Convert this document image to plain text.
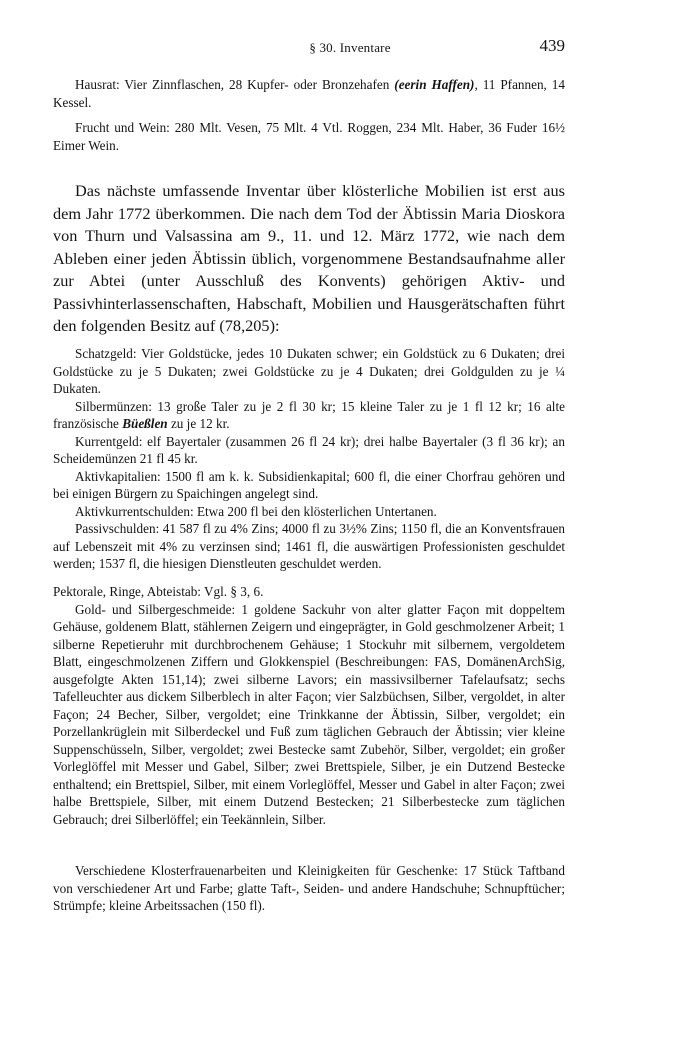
§ 30. Inventare	439

Hausrat: Vier Zinnflaschen, 28 Kupfer- oder Bronzehafen (eerin Haffen), 11 Pfannen, 14 Kessel.

Frucht und Wein: 280 Mlt. Vesen, 75 Mlt. 4 Vtl. Roggen, 234 Mlt. Haber, 36 Fuder 16½ Eimer Wein.

Das nächste umfassende Inventar über klösterliche Mobilien ist erst aus dem Jahr 1772 überkommen. Die nach dem Tod der Äbtissin Maria Dioskora von Thurn und Valsassina am 9., 11. und 12. März 1772, wie nach dem Ableben einer jeden Äbtissin üblich, vorgenommene Bestandsaufnahme aller zur Abtei (unter Ausschluß des Konvents) gehörigen Aktiv- und Passivhinterlassenschaften, Habschaft, Mobilien und Hausgerätschaften führt den folgenden Besitz auf (78,205):

Schatzgeld: Vier Goldstücke, jedes 10 Dukaten schwer; ein Goldstück zu 6 Dukaten; drei Goldstücke zu je 5 Dukaten; zwei Goldstücke zu je 4 Dukaten; drei Goldgulden zu je ¼ Dukaten.

Silbermünzen: 13 große Taler zu je 2 fl 30 kr; 15 kleine Taler zu je 1 fl 12 kr; 16 alte französische Büeßlen zu je 12 kr.

Kurrentgeld: elf Bayertaler (zusammen 26 fl 24 kr); drei halbe Bayertaler (3 fl 36 kr); an Scheidemünzen 21 fl 45 kr.

Aktivkapitalien: 1500 fl am k. k. Subsidienkapital; 600 fl, die einer Chorfrau gehören und bei einigen Bürgern zu Spaichingen angelegt sind.

Aktivkurrentschulden: Etwa 200 fl bei den klösterlichen Untertanen.

Passivschulden: 41 587 fl zu 4% Zins; 4000 fl zu 3½% Zins; 1150 fl, die an Konventsfrauen auf Lebenszeit mit 4% zu verzinsen sind; 1461 fl, die auswärtigen Professionisten geschuldet werden; 1537 fl, die hiesigen Dienstleuten geschuldet werden.

Pektorale, Ringe, Abteistab: Vgl. § 3, 6.

Gold- und Silbergeschmeide: 1 goldene Sackuhr von alter glatter Façon mit doppeltem Gehäuse, goldenem Blatt, stählernen Zeigern und eingeprägter, in Gold geschmolzener Arbeit; 1 silberne Repetieruhr mit durchbrochenem Gehäuse; 1 Stockuhr mit silbernem, vergoldetem Blatt, eingeschmolzenen Ziffern und Glokkenspiel (Beschreibungen: FAS, DomänenArchSig, ausgefolgte Akten 151,14); zwei silberne Lavors; ein massivsilberner Tafelaufsatz; sechs Tafelleuchter aus dickem Silberblech in alter Façon; vier Salzbüchsen, Silber, vergoldet, in alter Façon; 24 Becher, Silber, vergoldet; eine Trinkkanne der Äbtissin, Silber, vergoldet; ein Porzellankrüglein mit Silberdeckel und Fuß zum täglichen Gebrauch der Äbtissin; vier kleine Suppenschüsseln, Silber, vergoldet; zwei Bestecke samt Zubehör, Silber, vergoldet; ein großer Vorleglöffel mit Messer und Gabel, Silber; zwei Brettspiele, Silber, je ein Dutzend Bestecke enthaltend; ein Brettspiel, Silber, mit einem Vorleglöffel, Messer und Gabel in alter Façon; zwei halbe Brettspiele, Silber, mit einem Dutzend Bestecken; 21 Silberbestecke zum täglichen Gebrauch; drei Silberlöffel; ein Teekännlein, Silber.

Verschiedene Klosterfrauenarbeiten und Kleinigkeiten für Geschenke: 17 Stück Taftband von verschiedener Art und Farbe; glatte Taft-, Seiden- und andere Handschuhe; Schnupftücher; Strümpfe; kleine Arbeitssachen (150 fl).
